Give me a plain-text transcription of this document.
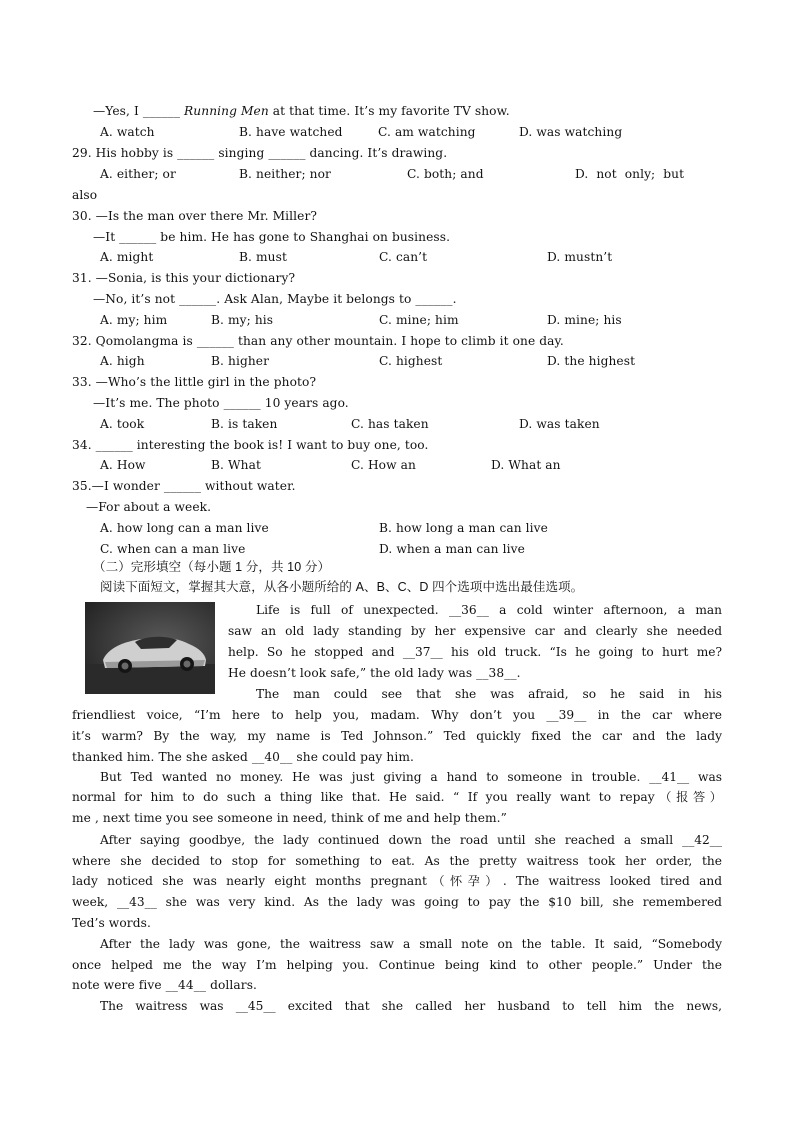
—Yes, I ______ Running Men at that time. It’s my favorite TV show.
A. watch	B. have watched	C. am watching	D. was watching
29. His hobby is ______ singing ______ dancing. It’s drawing.
A. either; or	B. neither; nor	C. both; and	D.  not  only;  but
also
30. —Is the man over there Mr. Miller?
—It ______ be him. He has gone to Shanghai on business.
A. might	B. must	C. can’t	D. mustn’t
31. —Sonia, is this your dictionary?
—No, it’s not ______. Ask Alan, Maybe it belongs to ______.
A. my; him	B. my; his	C. mine; him	D. mine; his
32. Qomolangma is ______ than any other mountain. I hope to climb it one day.
A. high	B. higher	C. highest	D. the highest
33. —Who’s the little girl in the photo?
—It’s me. The photo ______ 10 years ago.
A. took	B. is taken	C. has taken	D. was taken
34. ______ interesting the book is! I want to buy one, too.
A. How	B. What	C. How an	D. What an
35.—I wonder ______ without water.
—For about a week.
A. how long can a man live	B. how long a man can live
C. when can a man live	D. when a man can live
（二）完形填空（每小题 1 分，共 10 分）
阅读下面短文，掌握其大意，从各小题所给的 A、B、C、D 四个选项中选出最佳选项。
Life is full of unexpected. __36__ a cold winter afternoon, a man
saw an old lady standing by her expensive car and clearly she needed
help. So he stopped and __37__ his old truck. “Is he going to hurt me?
He doesn’t look safe,” the old lady was __38__.
The man could see that she was afraid, so he said in his
friendliest voice, “I’m here to help you, madam. Why don’t you __39__ in the car where
it’s warm? By the way, my name is Ted Johnson.” Ted quickly fixed the car and the lady
thanked him. The she asked __40__ she could pay him.
But Ted wanted no money. He was just giving a hand to someone in trouble. __41__ was
normal for him to do such a thing like that. He said. “ If you really want to repay（报答）
me , next time you see someone in need, think of me and help them.”
After saying goodbye, the lady continued down the road until she reached a small __42__
where she decided to stop for something to eat. As the pretty waitress took her order, the
lady noticed she was nearly eight months pregnant（怀孕）. The waitress looked tired and
week, __43__ she was very kind. As the lady was going to pay the $10 bill, she remembered
Ted’s words.
After the lady was gone, the waitress saw a small note on the table. It said, “Somebody
once helped me the way I’m helping you. Continue being kind to other people.” Under the
note were five __44__ dollars.
The waitress was __45__ excited that she called her husband to tell him the news,
